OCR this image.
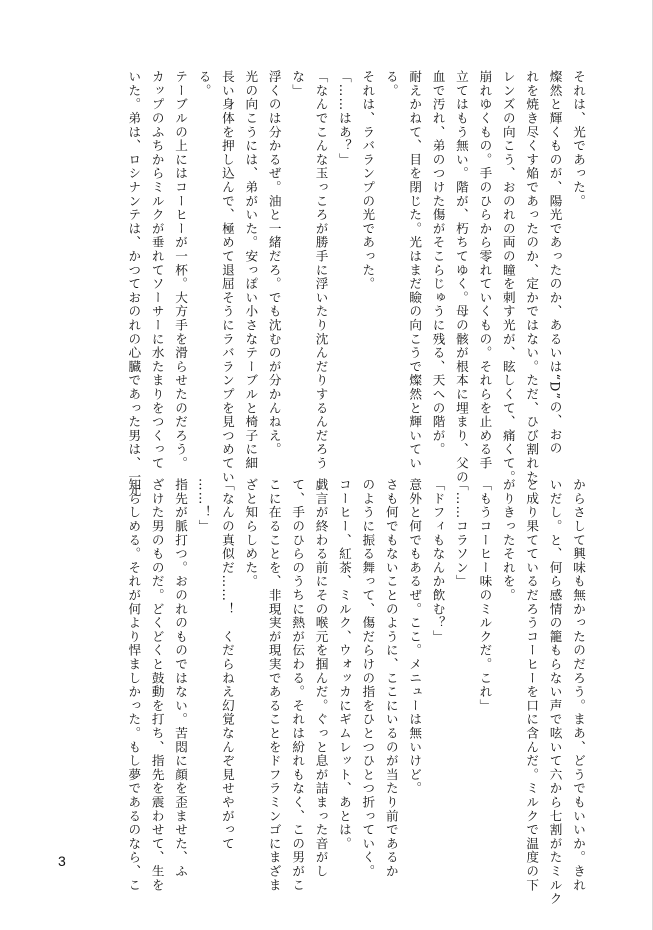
それは、光であった。
燦然と輝くものが、陽光であったのか、あるいは“D”の、おの
れを焼き尽くす焔であったのか、定かではない。ただ、ひび割れた
レンズの向こう、おのれの両の瞳を刺す光が、眩しくて、痛くて。
崩れゆくもの。手のひらから零れていくもの。それらを止める手
立てはもう無い。階が、朽ちてゆく。母の骸が根本に埋まり、父の
血で汚れ、弟のつけた傷がそこらじゅうに残る、天への階が。
耐えかねて、目を閉じた。光はまだ瞼の向こうで燦然と輝いてい
る。
それは、ラバランプの光であった。
「……はあ？」
「なんでこんな玉っころが勝手に浮いたり沈んだりするんだろう
な」
浮くのは分かるぜ。油と一緒だろ。でも沈むのが分かんねえ。
光の向こうには、弟がいた。安っぽい小さなテーブルと椅子に細
長い身体を押し込んで、極めて退屈そうにラバランプを見つめてい
る。
テーブルの上にはコーヒーが一杯。大方手を滑らせたのだろう。
カップのふちからミルクが垂れてソーサーに水たまりをつくって
いた。弟は、ロシナンテは、かつておのれの心臓であった男は、一元
からさして興味も無かったのだろう。まあ、どうでもいいか。きれ
いだし。と、何ら感情の籠もらない声で呟いて六から七割がたミルク
と成り果てているだろうコーヒーを口に含んだ。ミルクで温度の下
がりきったそれを。
「もうコーヒー味のミルクだ。これ」
「……コラソン」
「ドフィもなんか飲む？」
意外と何でもあるぜ。ここ。メニューは無いけど。
さも何でもないことのように、ここにいるのが当たり前であるか
のように振る舞って、傷だらけの指をひとつひとつ折っていく。
コーヒー、紅茶、ミルク、ウォッカにギムレット、あとは。
戯言が終わる前にその喉元を掴んだ。ぐっと息が詰まった音がし
て、手のひらのうちに熱が伝わる。それは紛れもなく、この男がこ
こに在ることを、非現実が現実であることをドフラミンゴにまざま
ざと知らしめた。
「なんの真似だ……！　くだらねえ幻覚なんぞ見せやがって
……！」
指先が脈打つ。おのれのものではない。苦悶に顔を歪ませた、ふ
ざけた男のものだ。どくどくと鼓動を打ち、指先を震わせて、生を
知らしめる。それが何より悍ましかった。もし夢であるのなら、こ
3
